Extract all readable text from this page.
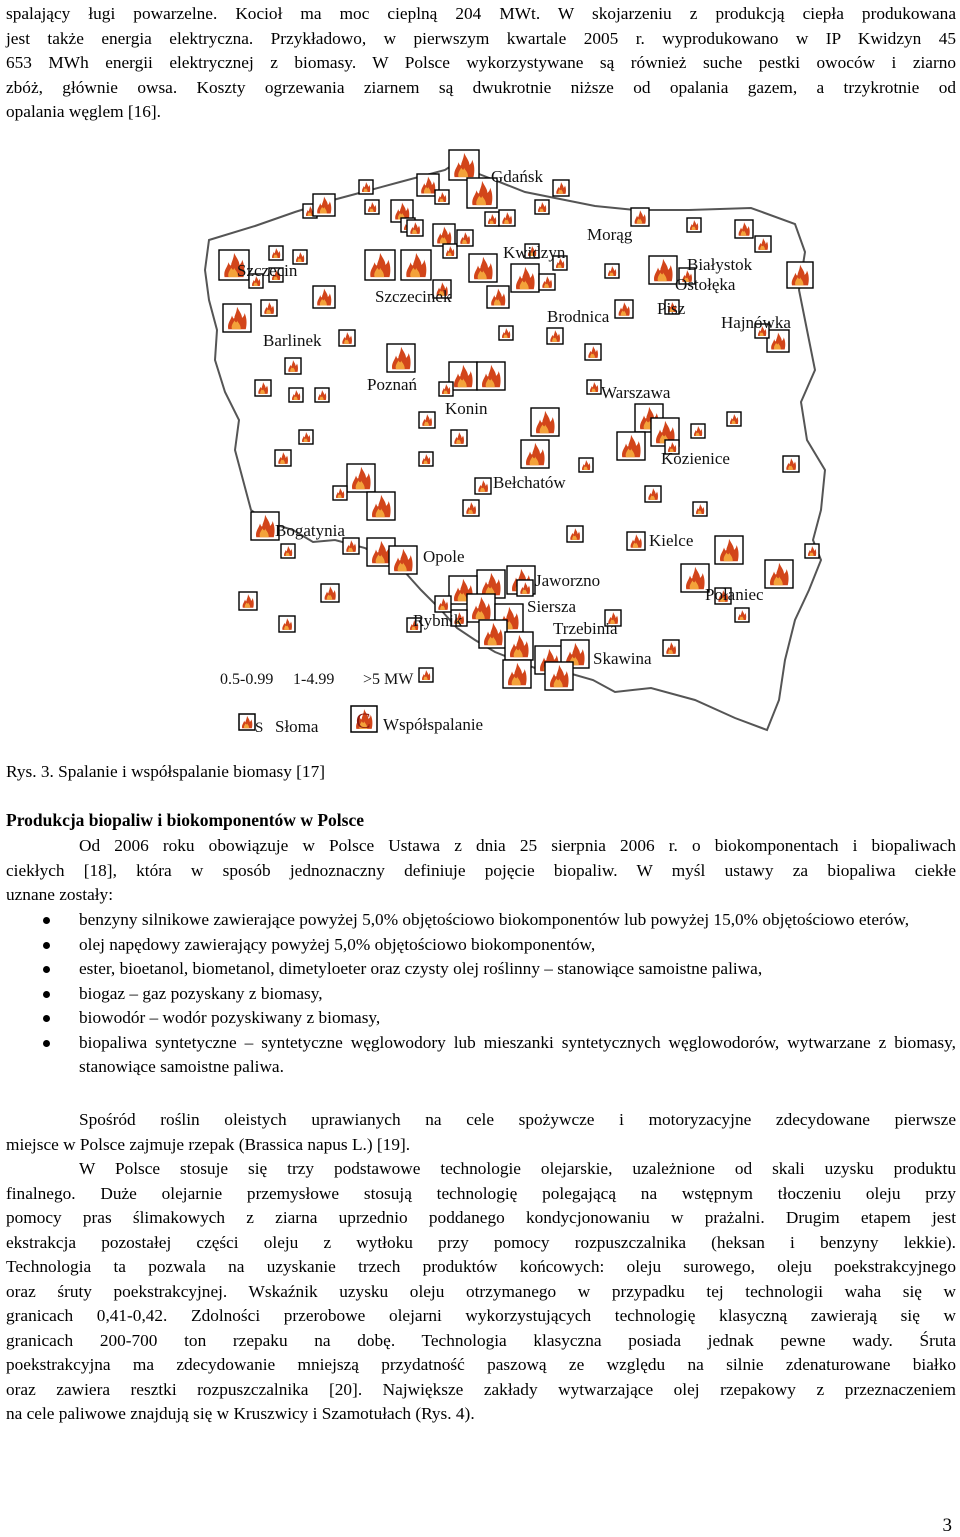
spalający ługi powarzelne. Kocioł ma moc cieplną 204 MWt. W skojarzeniu z produkcją ciepła produkowana
jest także energia elektryczna. Przykładowo, w pierwszym kwartale 2005 r. wyprodukowano w IP Kwidzyn 45
653 MWh energii elektrycznej z biomasy. W Polsce wykorzystywane są również suche pestki owoców i ziarno
zbóż, głównie owsa. Koszty ogrzewania ziarnem są dwukrotnie niższe od opalania gazem, a trzykrotnie od
opalania węglem [16].

Gdańsk
Morąg
Kwidzyn
Białystok
Ostołęka
Szczecin
Szczecinek
Pisz
Brodnica	Hajnówka
Barlinek
Poznań
Konin
Warszawa
Kozienice
Bełchatów
Bogatynia
Opole
Kielce
Jaworzno
Połaniec
Siersza
Rybnik	Trzebinia
Skawina
0.5-0.99 1-4.99 >5 MW
S Słoma C Współspalanie
Rys. 3. Spalanie i współspalanie biomasy [17]
Produkcja biopaliw i biokomponentów w Polsce

Od 2006 roku obowiązuje w Polsce Ustawa z dnia 25 sierpnia 2006 r. o biokomponentach i biopaliwach
ciekłych [18], która w sposób jednoznaczny definiuje pojęcie biopaliw. W myśl ustawy za biopaliwa ciekłe
uznane zostały:

benzyny silnikowe zawierające powyżej 5,0% objętościowo biokomponentów lub powyżej 15,0% objętościowo eterów,
olej napędowy zawierający powyżej 5,0% objętościowo biokomponentów,
ester, bioetanol, biometanol, dimetyloeter oraz czysty olej roślinny – stanowiące samoistne paliwa,
biogaz – gaz pozyskany z biomasy,
biowodór – wodór pozyskiwany z biomasy,
biopaliwa syntetyczne – syntetyczne węglowodory lub mieszanki syntetycznych węglowodorów, wytwarzane z biomasy, stanowiące samoistne paliwa.

Spośród roślin oleistych uprawianych na cele spożywcze i motoryzacyjne zdecydowane pierwsze
miejsce w Polsce zajmuje rzepak (Brassica napus L.) [19].

W Polsce stosuje się trzy podstawowe technologie olejarskie, uzależnione od skali uzysku produktu
finalnego. Duże olejarnie przemysłowe stosują technologię polegającą na wstępnym tłoczeniu oleju przy
pomocy pras ślimakowych z ziarna uprzednio poddanego kondycjonowaniu w prażalni. Drugim etapem jest
ekstrakcja pozostałej części oleju z wytłoku przy pomocy rozpuszczalnika (heksan i benzyny lekkie).
Technologia ta pozwala na uzyskanie trzech produktów końcowych: oleju surowego, oleju poekstrakcyjnego
oraz śruty poekstrakcyjnej. Wskaźnik uzysku oleju otrzymanego w przypadku tej technologii waha się w
granicach 0,41-0,42. Zdolności przerobowe olejarni wykorzystujących technologię klasyczną zawierają się w
granicach 200-700 ton rzepaku na dobę. Technologia klasyczna posiada jednak pewne wady. Śruta
poekstrakcyjna ma zdecydowanie mniejszą przydatność paszową ze względu na silnie zdenaturowane białko
oraz zawiera resztki rozpuszczalnika [20]. Największe zakłady wytwarzające olej rzepakowy z przeznaczeniem
na cele paliwowe znajdują się w Kruszwicy i Szamotułach (Rys. 4).

3
